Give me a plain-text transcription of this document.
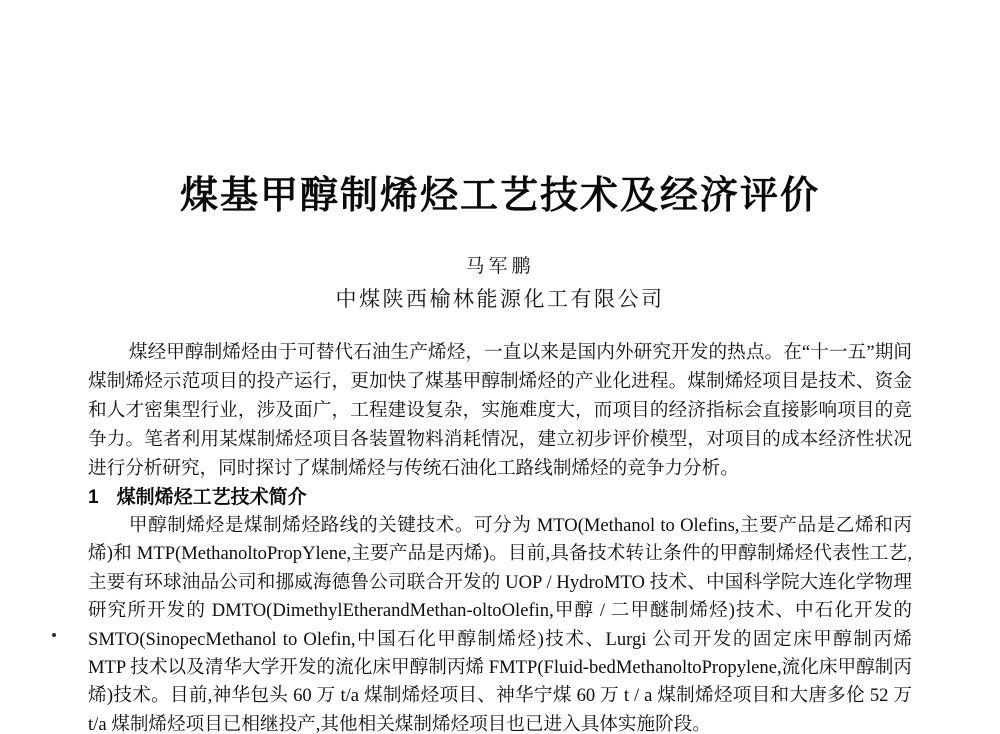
煤基甲醇制烯烃工艺技术及经济评价
马军鹏
中煤陕西榆林能源化工有限公司

煤经甲醇制烯烃由于可替代石油生产烯烃，一直以来是国内外研究开发的热点。在“十一五”期间煤制烯烃示范项目的投产运行，更加快了煤基甲醇制烯烃的产业化进程。煤制烯烃项目是技术、资金和人才密集型行业，涉及面广，工程建设复杂，实施难度大，而项目的经济指标会直接影响项目的竞争力。笔者利用某煤制烯烃项目各装置物料消耗情况，建立初步评价模型，对项目的成本经济性状况进行分析研究，同时探讨了煤制烯烃与传统石油化工路线制烯烃的竞争力分析。

1 煤制烯烃工艺技术简介

甲醇制烯烃是煤制烯烃路线的关键技术。可分为 MTO(Methanol to Olefins,主要产品是乙烯和丙烯)和 MTP(MethanoltoPropYlene,主要产品是丙烯)。目前,具备技术转让条件的甲醇制烯烃代表性工艺,主要有环球油品公司和挪威海德鲁公司联合开发的 UOP / HydroMTO 技术、中国科学院大连化学物理研究所开发的 DMTO(DimethylEtherandMethan-oltoOlefin,甲醇 / 二甲醚制烯烃)技术、中石化开发的 SMTO(SinopecMethanol to Olefin,中国石化甲醇制烯烃)技术、Lurgi 公司开发的固定床甲醇制丙烯 MTP 技术以及清华大学开发的流化床甲醇制丙烯 FMTP(Fluid-bedMethanoltoPropylene,流化床甲醇制丙烯)技术。目前,神华包头 60 万 t/a 煤制烯烃项目、神华宁煤 60 万 t / a 煤制烯烃项目和大唐多伦 52 万 t/a 煤制烯烃项目已相继投产,其他相关煤制烯烃项目也已进入具体实施阶段。
